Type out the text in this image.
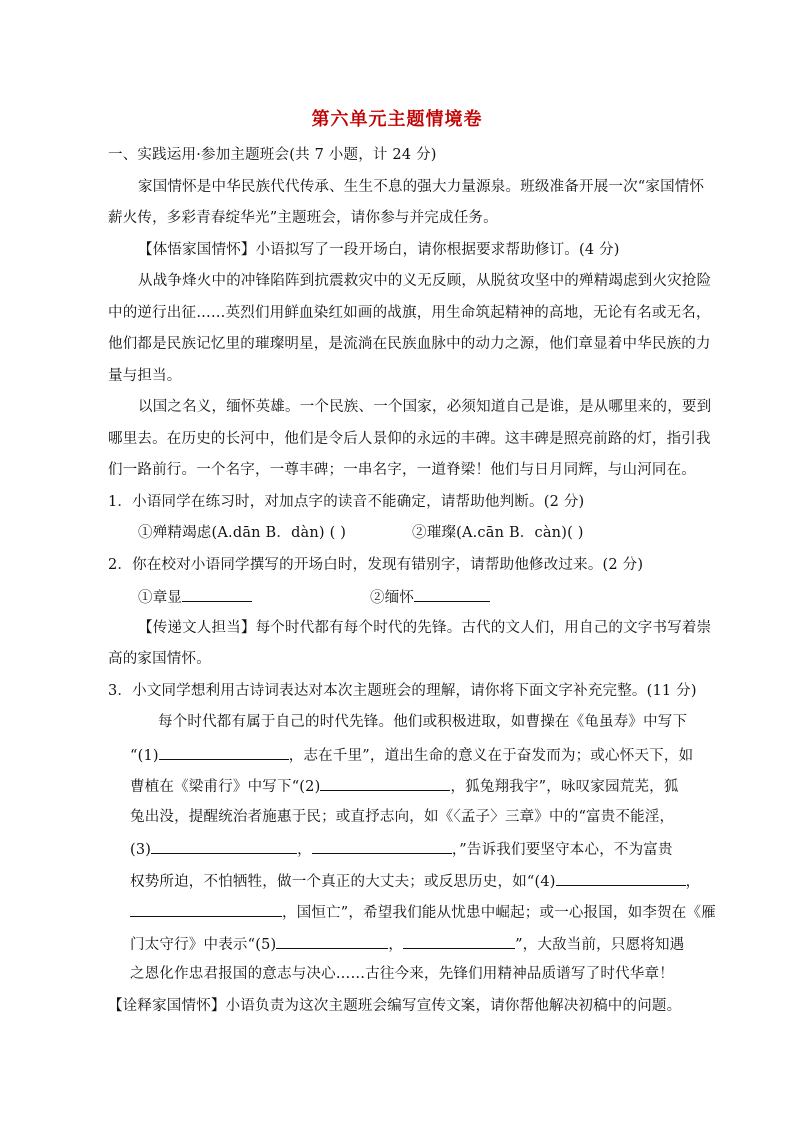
第六单元主题情境卷
一、实践运用·参加主题班会(共 7 小题，计 24 分)
家国情怀是中华民族代代传承、生生不息的强大力量源泉。班级准备开展一次“家国情怀
薪火传，多彩青春绽华光”主题班会，请你参与并完成任务。
【体悟家国情怀】小语拟写了一段开场白，请你根据要求帮助修订。(4 分)
从战争烽火中的冲锋陷阵到抗震救灾中的义无反顾，从脱贫攻坚中的殚精竭虑到火灾抢险
中的逆行出征……英烈们用鲜血染红如画的战旗，用生命筑起精神的高地，无论有名或无名，
他们都是民族记忆里的璀璨明星，是流淌在民族血脉中的动力之源，他们章显着中华民族的力
量与担当。
以国之名义，缅怀英雄。一个民族、一个国家，必须知道自己是谁，是从哪里来的，要到
哪里去。在历史的长河中，他们是令后人景仰的永远的丰碑。这丰碑是照亮前路的灯，指引我
们一路前行。一个名字，一尊丰碑；一串名字，一道脊梁！他们与日月同辉，与山河同在。
1．小语同学在练习时，对加点字的读音不能确定，请帮助他判断。(2 分)
①殚精竭虑(A.dān B．dàn) ( )	②璀璨(A.cān B．càn)( )
2．你在校对小语同学撰写的开场白时，发现有错别字，请帮助他修改过来。(2 分)
①章显	②缅怀
【传递文人担当】每个时代都有每个时代的先锋。古代的文人们，用自己的文字书写着崇
高的家国情怀。
3．小文同学想利用古诗词表达对本次主题班会的理解，请你将下面文字补充完整。(11 分)
每个时代都有属于自己的时代先锋。他们或积极进取，如曹操在《龟虽寿》中写下
“(1)	，志在千里”，道出生命的意义在于奋发而为；或心怀天下，如
曹植在《梁甫行》中写下“(2)	，狐兔翔我宇”，咏叹家园荒芜，狐
兔出没，提醒统治者施惠于民；或直抒志向，如《〈孟子〉三章》中的“富贵不能淫，
(3)	，	，”告诉我们要坚守本心，不为富贵
权势所迫，不怕牺牲，做一个真正的大丈夫；或反思历史，如“(4)	，
，国恒亡”，希望我们能从忧患中崛起；或一心报国，如李贺在《雁
门太守行》中表示“(5)	，	”，大敌当前，只愿将知遇
之恩化作忠君报国的意志与决心……古往今来，先锋们用精神品质谱写了时代华章！
【诠释家国情怀】小语负责为这次主题班会编写宣传文案，请你帮他解决初稿中的问题。
